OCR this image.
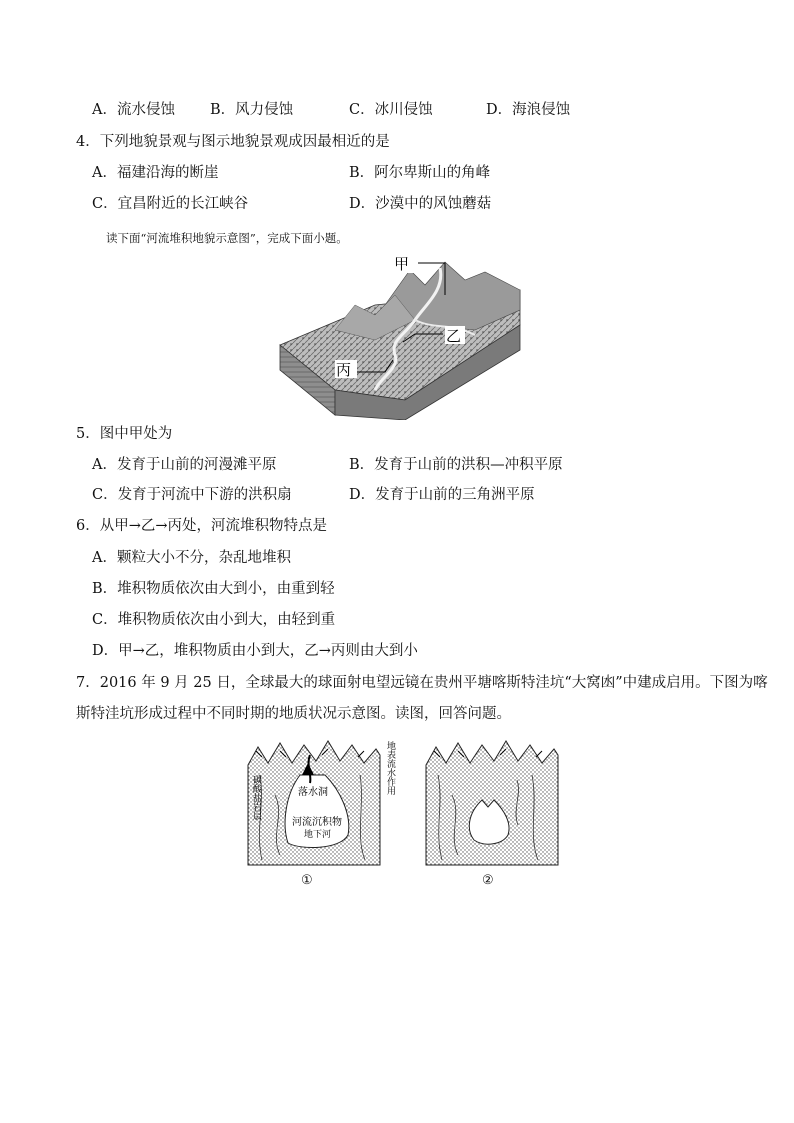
A．流水侵蚀 B．风力侵蚀	C．冰川侵蚀	D．海浪侵蚀
4．下列地貌景观与图示地貌景观成因最相近的是
A．福建沿海的断崖	B．阿尔卑斯山的角峰
C．宜昌附近的长江峡谷	D．沙漠中的风蚀蘑菇
读下面“河流堆积地貌示意图”，完成下面小题。
甲
乙
丙
5．图中甲处为
A．发育于山前的河漫滩平原	B．发育于山前的洪积—冲积平原
C．发育于河流中下游的洪积扇	D．发育于山前的三角洲平原
6．从甲→乙→丙处，河流堆积物特点是
A．颗粒大小不分，杂乱地堆积
B．堆积物质依次由大到小，由重到轻
C．堆积物质依次由小到大，由轻到重
D．甲→乙，堆积物质由小到大，乙→丙则由大到小
7．2016 年 9 月 25 日，全球最大的球面射电望远镜在贵州平塘喀斯特洼坑“大窝凼”中建成启用。下图为喀
斯特洼坑形成过程中不同时期的地质状况示意图。读图，回答问题。
地表流水作用
碳酸盐岩层	落水洞
河流沉积物
地下河
①	②
